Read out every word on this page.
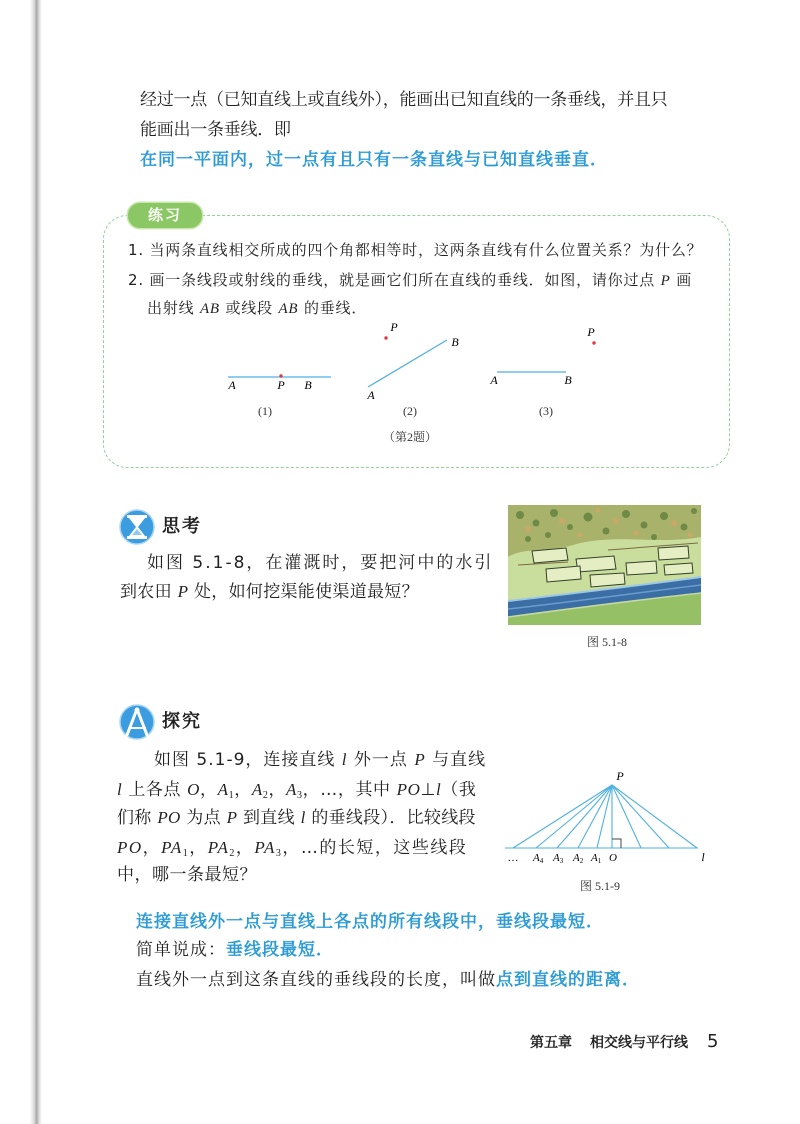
经过一点（已知直线上或直线外），能画出已知直线的一条垂线，并且只
能画出一条垂线．即
在同一平面内，过一点有且只有一条直线与已知直线垂直．
练习
1. 当两条直线相交所成的四个角都相等时，这两条直线有什么位置关系？为什么？
2. 画一条线段或射线的垂线，就是画它们所在直线的垂线．如图，请你过点 P 画
出射线 AB 或线段 AB 的垂线．
A	P B
P
B
A
P
A	B
(1)	(2)	(3)
（第2题）
思考
如图 5.1-8，在灌溉时，要把河中的水引
到农田 P 处，如何挖渠能使渠道最短？
图 5.1-8
探究
如图 5.1-9，连接直线 l 外一点 P 与直线
l 上各点 O，$A_1$，$A_2$，$A_3$，…，其中 PO⊥l（我
们称 PO 为点 P 到直线 l 的垂线段）．比较线段
PO，$PA_1$，$PA_2$，$PA_3$，…的长短，这些线段
中，哪一条最短？
P
… A4 A3 A2 A1 O	l
图 5.1-9
连接直线外一点与直线上各点的所有线段中，垂线段最短．
简单说成：垂线段最短．
直线外一点到这条直线的垂线段的长度，叫做点到直线的距离．
第五章 相交线与平行线 5
